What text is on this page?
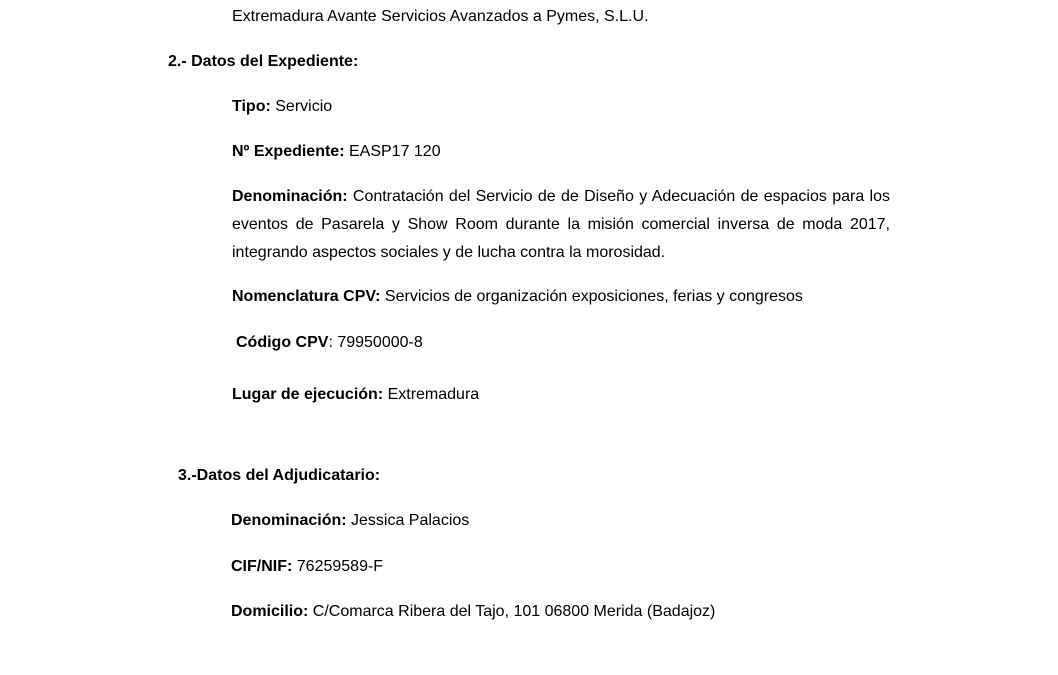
Extremadura Avante Servicios Avanzados a Pymes, S.L.U.
2.- Datos del Expediente:
Tipo: Servicio
Nº Expediente: EASP17 120
Denominación: Contratación del Servicio de de Diseño y Adecuación de espacios para los eventos de Pasarela y Show Room durante la misión comercial inversa de moda 2017, integrando aspectos sociales y de lucha contra la morosidad.
Nomenclatura CPV: Servicios de organización exposiciones, ferias y congresos
Código CPV: 79950000-8
Lugar de ejecución: Extremadura
3.-Datos del Adjudicatario:
Denominación: Jessica Palacios
CIF/NIF: 76259589-F
Domicilio: C/Comarca Ribera del Tajo, 101 06800 Merida (Badajoz)
